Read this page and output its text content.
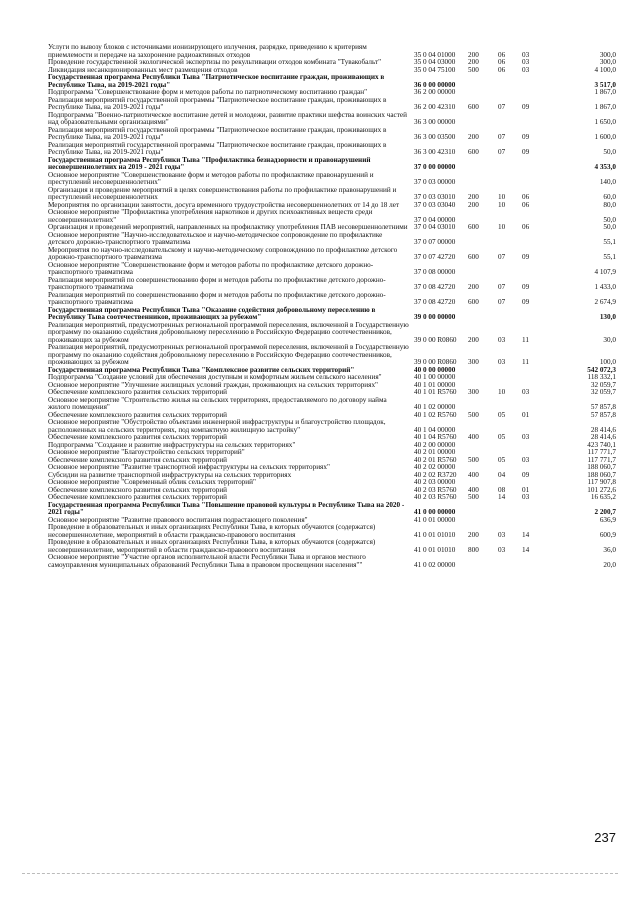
Услуги по вывозу блоков с источниками ионизирующего излучения, разрядке, приведению к критериям приемлемости и передаче на захоронение радиоактивных отходов	35 0 04 01000	200	06	03	300,0
Проведение государственной экологической экспертизы по рекультивации отходов комбината "Тувакобальт"	35 0 04 03000	200	06	03	300,0
Ликвидация несанкционированных мест размещения отходов	35 0 04 75100	500	06	03	4 100,0
Государственная программа Республики Тыва "Патриотическое воспитание граждан, проживающих в Республике Тыва, на 2019-2021 годы"	36 0 00 00000	3 517,0
Подпрограмма "Совершенствование форм и методов работы по патриотическому воспитанию граждан"	36 2 00 00000	1 867,0
Реализация мероприятий государственной программы "Патриотическое воспитание граждан, проживающих в Республике Тыва, на 2019-2021 годы"	36 2 00 42310	600	07	09	1 867,0
Подпрограмма "Военно-патриотическое воспитание детей и молодежи, развитие практики шефства воинских частей над образовательными организациями"	36 3 00 00000	1 650,0
Реализация мероприятий государственной программы "Патриотическое воспитание граждан, проживающих в Республике Тыва, на 2019-2021 годы"	36 3 00 03500	200	07	09	1 600,0
Реализация мероприятий государственной программы "Патриотическое воспитание граждан, проживающих в Республике Тыва, на 2019-2021 годы"	36 3 00 42310	600	07	09	50,0
Государственная программа Республики Тыва "Профилактика безнадзорности и правонарушений несовершеннолетних на 2019 - 2021 годы"	37 0 00 00000	4 353,0
Основное мероприятие "Совершенствование форм и методов работы по профилактике правонарушений и преступлений несовершеннолетних"	37 0 03 00000	140,0
Организация и проведение мероприятий в целях совершенствования работы по профилактике правонарушений и преступлений несовершеннолетних	37 0 03 03010	200	10	06	60,0
Мероприятия по организации занятости, досуга временного трудоустройства несовершеннолетних от 14 до 18 лет	37 0 03 03040	200	10	06	80,0
Основное мероприятие "Профилактика употребления наркотиков и других психоактивных веществ среди несовершеннолетних"	37 0 04 00000	50,0
Организация и проведений мероприятий, направленных на профилактику употребления ПАВ несовершеннолетними 37 0 04 03010	600	10	06	50,0
Основное мероприятие "Научно-исследовательское и научно-методическое сопровождение по профилактике детского дорожно-транспортного травматизма	37 0 07 00000	55,1
Мероприятия по научно-исследовательскому и научно-методическому сопровождению по профилактике детского дорожно-транспортного травматизма	37 0 07 42720	600	07	09	55,1
Основное мероприятие "Совершенствование форм и методов работы по профилактике детского дорожно-транспортного травматизма	37 0 08 00000	4 107,9
Реализация мероприятий по совершенствованию форм и методов работы по профилактике детского дорожно-транспортного травматизма	37 0 08 42720	200	07	09	1 433,0
Реализация мероприятий по совершенствованию форм и методов работы по профилактике детского дорожно-транспортного травматизма	37 0 08 42720	600	07	09	2 674,9
Государственная программа Республики Тыва "Оказание содействия добровольному переселению в Республику Тыва соотечественников, проживающих за рубежом"	39 0 00 00000	130,0
Реализация мероприятий, предусмотренных региональной программой переселения, включенной в Государственную программу по оказанию содействия добровольному переселению в Российскую Федерацию соотечественников, проживающих за рубежом	39 0 00 R0860	200	03	11	30,0
Реализация мероприятий, предусмотренных региональной программой переселения, включенной в Государственную программу по оказанию содействия добровольному переселению в Российскую Федерацию соотечественников, проживающих за рубежом	39 0 00 R0860	300	03	11	100,0
Государственная программа Республики Тыва "Комплексное развитие сельских территорий"	40 0 00 00000	542 072,3
Подпрограмма "Создание условий для обеспечения доступным и комфортным жильем сельского населения"	40 1 00 00000	118 332,1
Основное мероприятие "Улучшение жилищных условий граждан, проживающих на сельских территориях"	40 1 01 00000	32 059,7
Обеспечение комплексного развития сельских территорий	40 1 01 R5760	300	10	03	32 059,7
Основное мероприятие "Строительство жилья на сельских территориях, предоставляемого по договору найма жилого помещения"	40 1 02 00000	57 857,8
Обеспечение комплексного развития сельских территорий	40 1 02 R5760	500	05	01	57 857,8
Основное мероприятие "Обустройство объектами инженерной инфраструктуры и благоустройство площадок, расположенных на сельских территориях, под компактную жилищную застройку"	40 1 04 00000	28 414,6
Обеспечение комплексного развития сельских территорий	40 1 04 R5760	400	05	03	28 414,6
Подпрограмма "Создание и развитие инфраструктуры на сельских территориях"	40 2 00 00000	423 740,1
Основное мероприятие "Благоустройство сельских территорий"	40 2 01 00000	117 771,7
Обеспечение комплексного развития сельских территорий	40 2 01 R5760	500	05	03	117 771,7
Основное мероприятие "Развитие транспортной инфраструктуры на сельских территориях"	40 2 02 00000	188 060,7
Субсидии на развитие транспортной инфраструктуры на сельских территориях	40 2 02 R3720	400	04	09	188 060,7
Основное мероприятие "Современный облик сельских территорий"	40 2 03 00000	117 907,8
Обеспечение комплексного развития сельских территорий	40 2 03 R5760	400	08	01	101 272,6
Обеспечение комплексного развития сельских территорий	40 2 03 R5760	500	14	03	16 635,2
Государственная программа Республики Тыва "Повышение правовой культуры в Республике Тыва на 2020 - 2021 годы"	41 0 00 00000	2 200,7
Основное мероприятие "Развитие правового воспитания подрастающего поколения"	41 0 01 00000	636,9
Проведение в образовательных и иных организациях Республики Тыва, в которых обучаются (содержатся) несовершеннолетние, мероприятий в области гражданско-правового воспитания	41 0 01 01010	200	03	14	600,9
Проведение в образовательных и иных организациях Республики Тыва, в которых обучаются (содержатся) несовершеннолетние, мероприятий в области гражданско-правового воспитания	41 0 01 01010	800	03	14	36,0
Основное мероприятие "Участие органов исполнительной власти Республики Тыва и органов местного самоуправления муниципальных образований Республики Тыва в правовом просвещении населения""	41 0 02 00000	20,0
237
